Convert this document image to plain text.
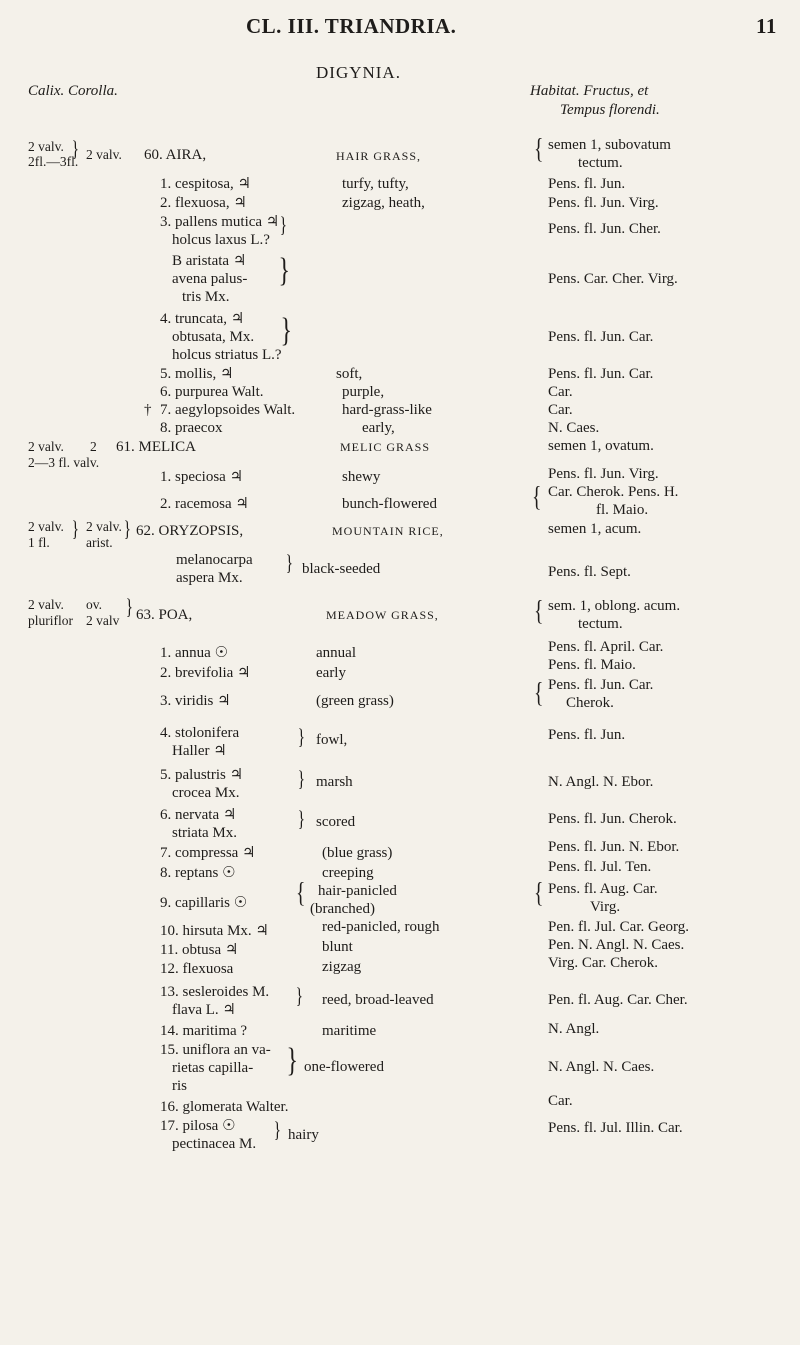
CL. III. TRIANDRIA.	11
DIGYNIA.
Calix. Corolla.	Habitat. Fructus, et
Tempus florendi.
2 valv.
2fl.—3fl.
} 2 valv. 60. AIRA,	HAIR GRASS,	{ semen 1, subovatum
tectum.
1. cespitosa, ♃	turfy, tufty,	Pens. fl. Jun.
2. flexuosa, ♃	zigzag, heath,	Pens. fl. Jun. Virg.
3. pallens mutica ♃
holcus laxus L.?
}	Pens. fl. Jun. Cher.
B aristata ♃
avena palus-
tris Mx.
}	Pens. Car. Cher. Virg.
4. truncata, ♃
obtusata, Mx.
holcus striatus L.?
}	Pens. fl. Jun. Car.
5. mollis, ♃	soft,	Pens. fl. Jun. Car.
6. purpurea Walt.	purple,	Car.
† 7. aegylopsoides Walt.	hard-grass-like	Car.
8. praecox	early,	N. Caes.
2 valv. 2
2—3 fl. valv.
61. MELICA	MELIC GRASS	semen 1, ovatum.
1. speciosa ♃	shewy	Pens. fl. Jun. Virg.
2. racemosa ♃	bunch-flowered	{ Car. Cherok. Pens. H.
fl. Maio.
2 valv.
1 fl.
} 2 valv.
arist.
} 62. ORYZOPSIS,	MOUNTAIN RICE,	semen 1, acum.
melanocarpa
aspera Mx.
} black-seeded	Pens. fl. Sept.
2 valv.
pluriflor
ov.
2 valv
} 63. POA,	MEADOW GRASS,	{ sem. 1, oblong. acum.
tectum.
1. annua ☉	annual	Pens. fl. April. Car.
2. brevifolia ♃	early	Pens. fl. Maio.
3. viridis ♃	(green grass)	{ Pens. fl. Jun. Car.
Cherok.
4. stolonifera
Haller ♃
} fowl,	Pens. fl. Jun.
5. palustris ♃
crocea Mx.
} marsh	N. Angl. N. Ebor.
6. nervata ♃
striata Mx.
} scored	Pens. fl. Jun. Cherok.
7. compressa ♃	(blue grass)	Pens. fl. Jun. N. Ebor.
8. reptans ☉	creeping	Pens. fl. Jul. Ten.
9. capillaris ☉ { hair-panicled
(branched)	{ Pens. fl. Aug. Car.
Virg.
10. hirsuta Mx. ♃	red-panicled, rough	Pen. fl. Jul. Car. Georg.
11. obtusa ♃	blunt	Pen. N. Angl. N. Caes.
12. flexuosa	zigzag	Virg. Car. Cherok.
13. sesleroides M.
flava L. ♃
} reed, broad-leaved	Pen. fl. Aug. Car. Cher.
14. maritima ?	maritime	N. Angl.
15. uniflora an va-
rietas capilla-
ris
} one-flowered	N. Angl. N. Caes.
16. glomerata Walter.	Car.
17. pilosa ☉
pectinacea M.
} hairy	Pens. fl. Jul. Illin. Car.
